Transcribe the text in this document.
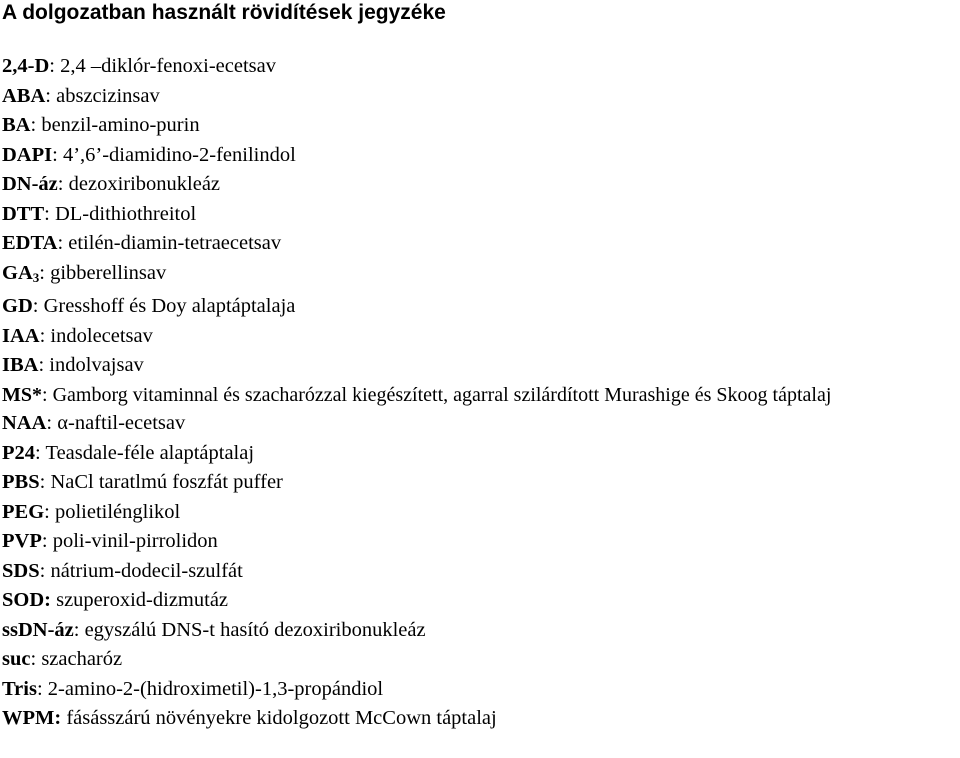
A dolgozatban használt rövidítések jegyzéke
2,4-D: 2,4 –diklór-fenoxi-ecetsav
ABA: abszcizinsav
BA: benzil-amino-purin
DAPI: 4’,6’-diamidino-2-fenilindol
DN-áz: dezoxiribonukleáz
DTT: DL-dithiothreitol
EDTA: etilén-diamin-tetraecetsav
$GA_3$: gibberellinsav
GD: Gresshoff és Doy alaptáptalaja
IAA: indolecetsav
IBA: indolvajsav
MS*: Gamborg vitaminnal és szacharózzal kiegészített, agarral szilárdított Murashige és Skoog táptalaj
NAA: α-naftil-ecetsav
P24: Teasdale-féle alaptáptalaj
PBS: NaCl taratlmú foszfát puffer
PEG: polietilénglikol
PVP: poli-vinil-pirrolidon
SDS: nátrium-dodecil-szulfát
SOD: szuperoxid-dizmutáz
ssDN-áz: egyszálú DNS-t hasító dezoxiribonukleáz
suc: szacharóz
Tris: 2-amino-2-(hidroximetil)-1,3-propándiol
WPM: fásásszárú növényekre kidolgozott McCown táptalaj
